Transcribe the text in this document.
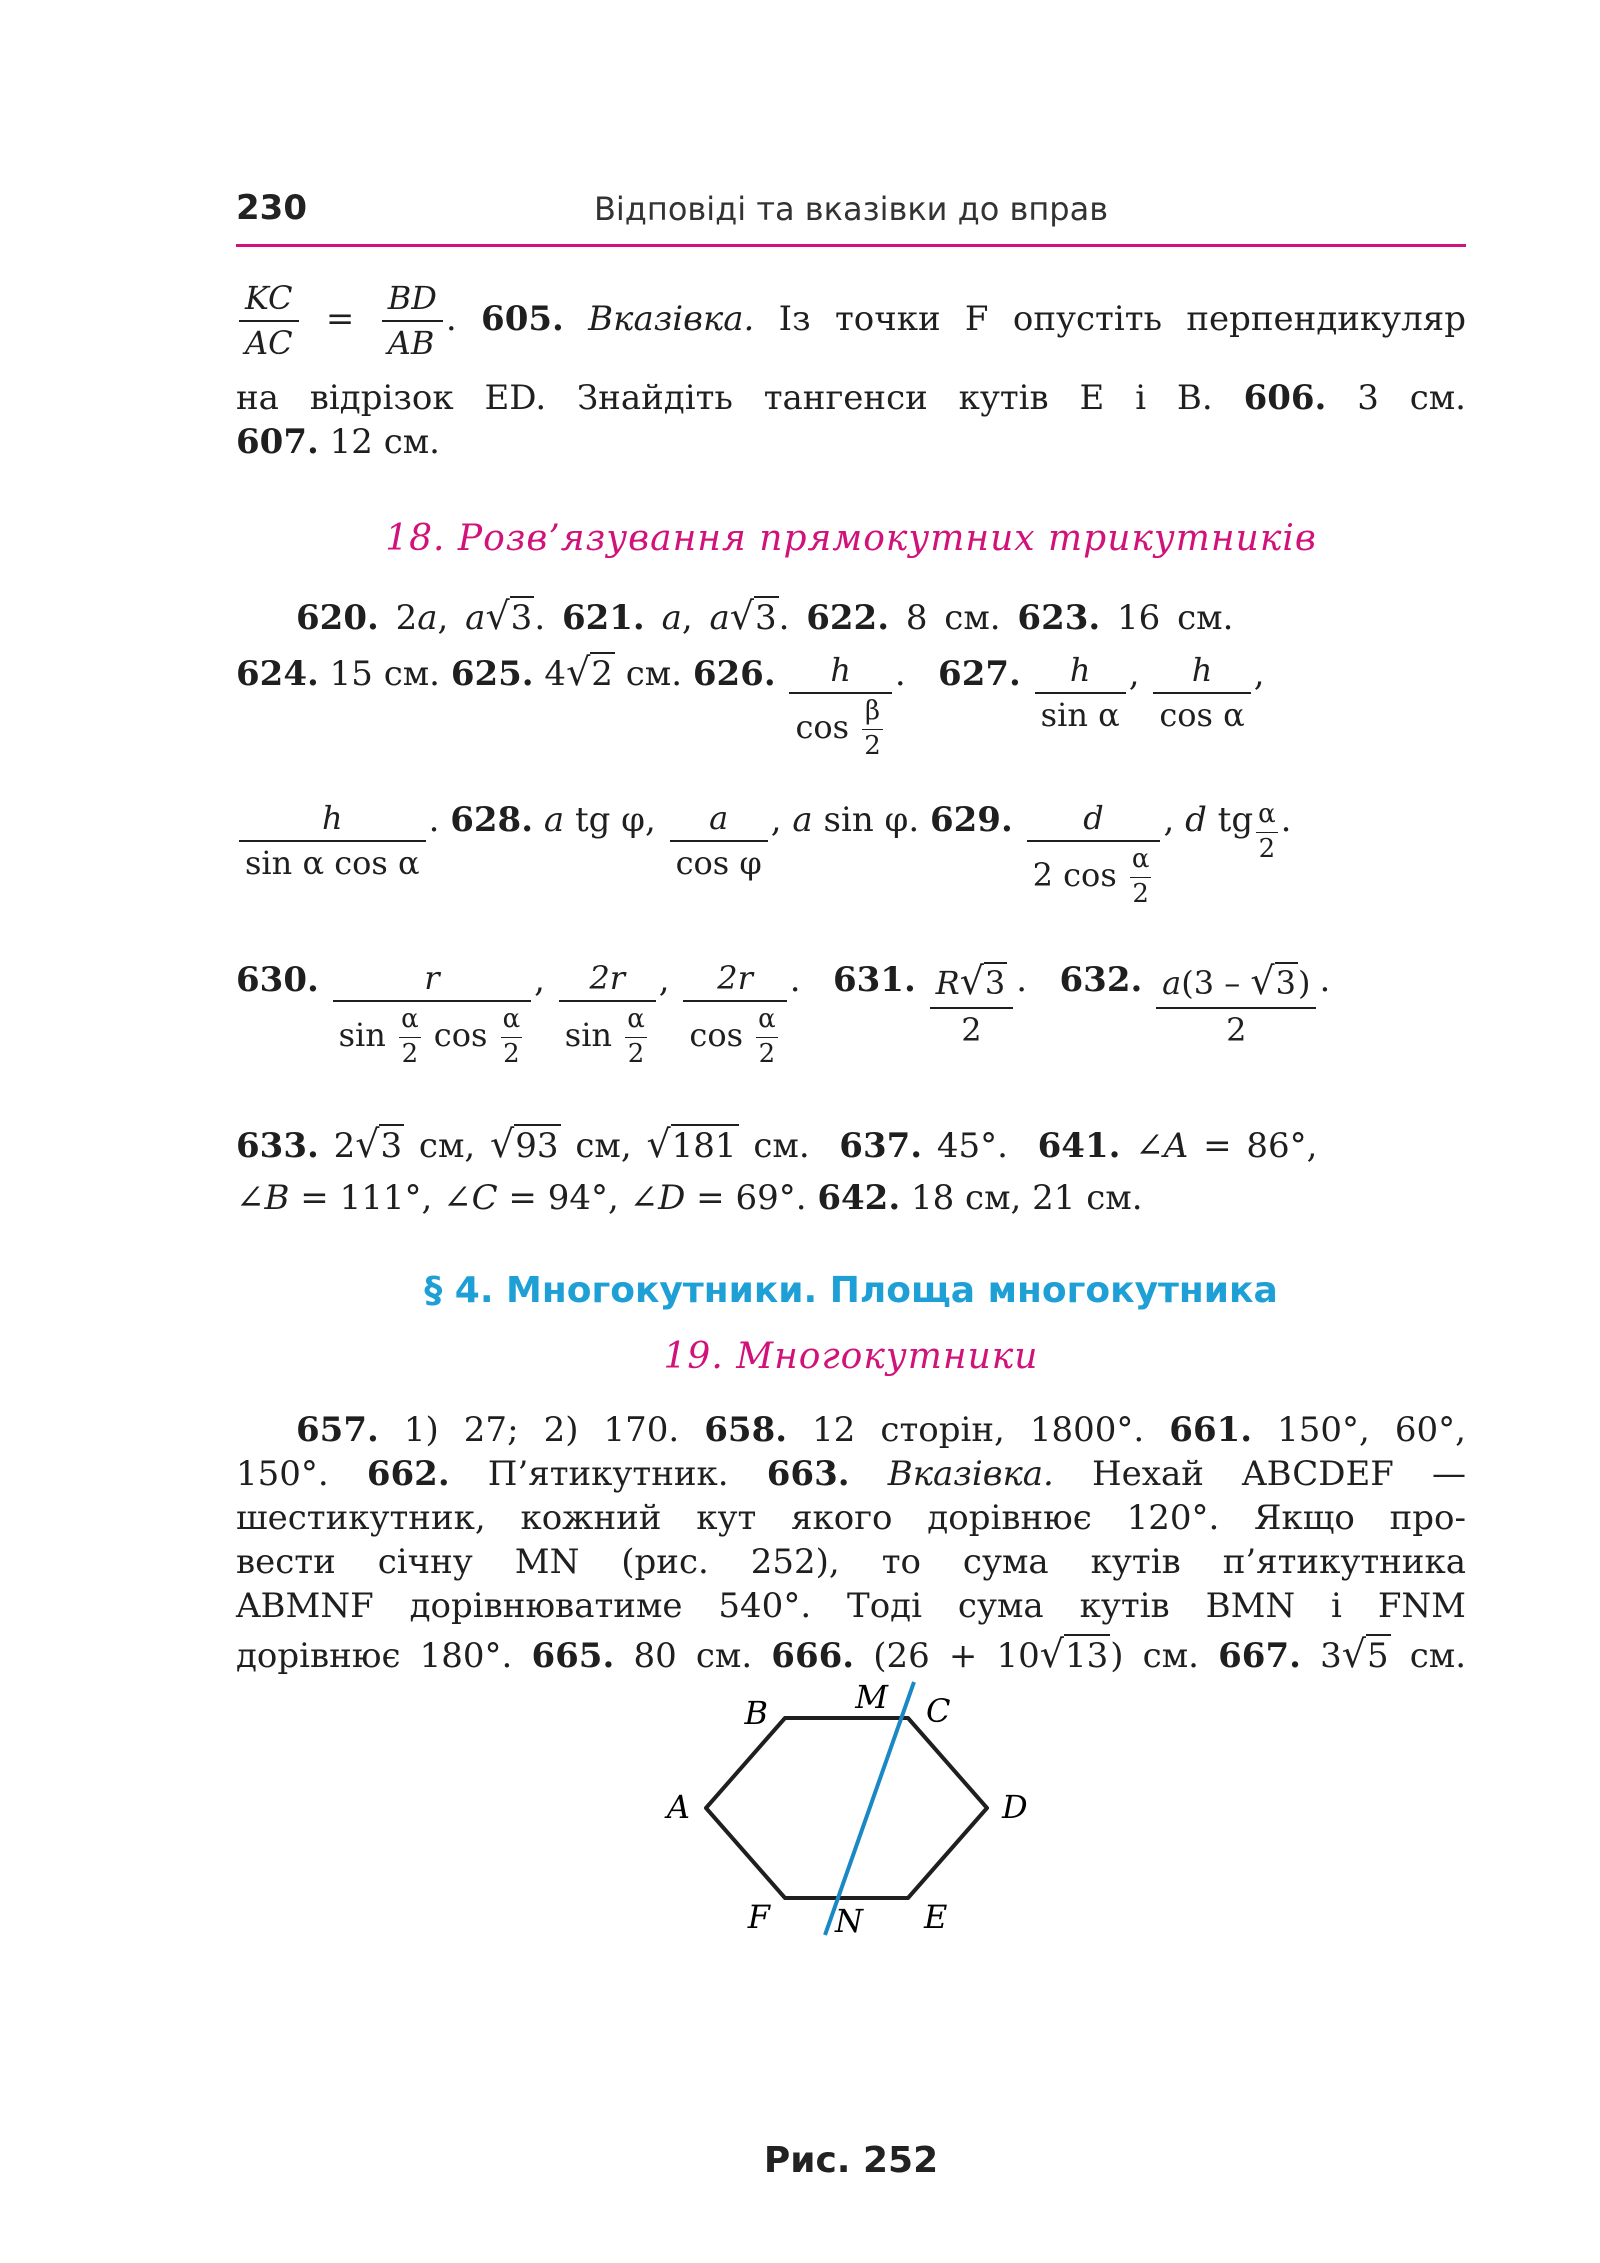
230	Відповіді та вказівки до вправ
$\frac{KC}{AC} = \frac{BD}{AB}$ . 605. Вказівка. Із точки F опустіть перпендикуляр
на відрізок ED. Знайдіть тангенси кутів E і B. 606. 3 см.
607. 12 см.
18. Розв’язування прямокутних трикутників
620. 2a, a√3. 621. a, a√3. 622. 8 см. 623. 16 см.
624. 15 см. 625. 4√2 см. 626. $\frac{h}{\cos \frac{\beta}{2}}$ .   627. $\frac{h}{\text{sin α}}$ , $\frac{h}{\text{cos α}}$ ,
$\frac{h}{\text{sin α cos α}}$ . 628. a tg φ, $\frac{a}{\text{cos φ}}$ , a sin φ. 629. $\frac{d}{2 \cos \frac{\alpha}{2}}$ , d tg $\frac{\alpha}{2}$ .
630. $\frac{r}{\sin \frac{\alpha}{2} \cos \frac{\alpha}{2}}$ , $\frac{2r}{\sin \frac{\alpha}{2}}$ , $\frac{2r}{\cos \frac{\alpha}{2}}$ .   631. $\frac{R√3}{2}$ .   632. $\frac{a(3 - √3)}{2}$ .
633. 2√3 см, √93 см, √181 см.  637. 45°. 641. ∠A = 86°,
∠B = 111°, ∠C = 94°, ∠D = 69°. 642. 18 см, 21 см.
§ 4. Многокутники. Площа многокутника
19. Многокутники
657. 1) 27; 2) 170. 658. 12 сторін, 1800°. 661. 150°, 60°,
150°. 662. П’ятикутник. 663. Вказівка. Нехай ABCDEF —
шестикутник, кожний кут якого дорівнює 120°. Якщо про-
вести січну MN (рис. 252), то сума кутів п’ятикутника
ABMNF дорівнюватиме 540°. Тоді сума кутів BMN і FNM
дорівнює 180°. 665. 80 см. 666. (26 + 10√13) см. 667. 3√5 см.
A
B	C
D
E
F
M
N
Рис. 252
